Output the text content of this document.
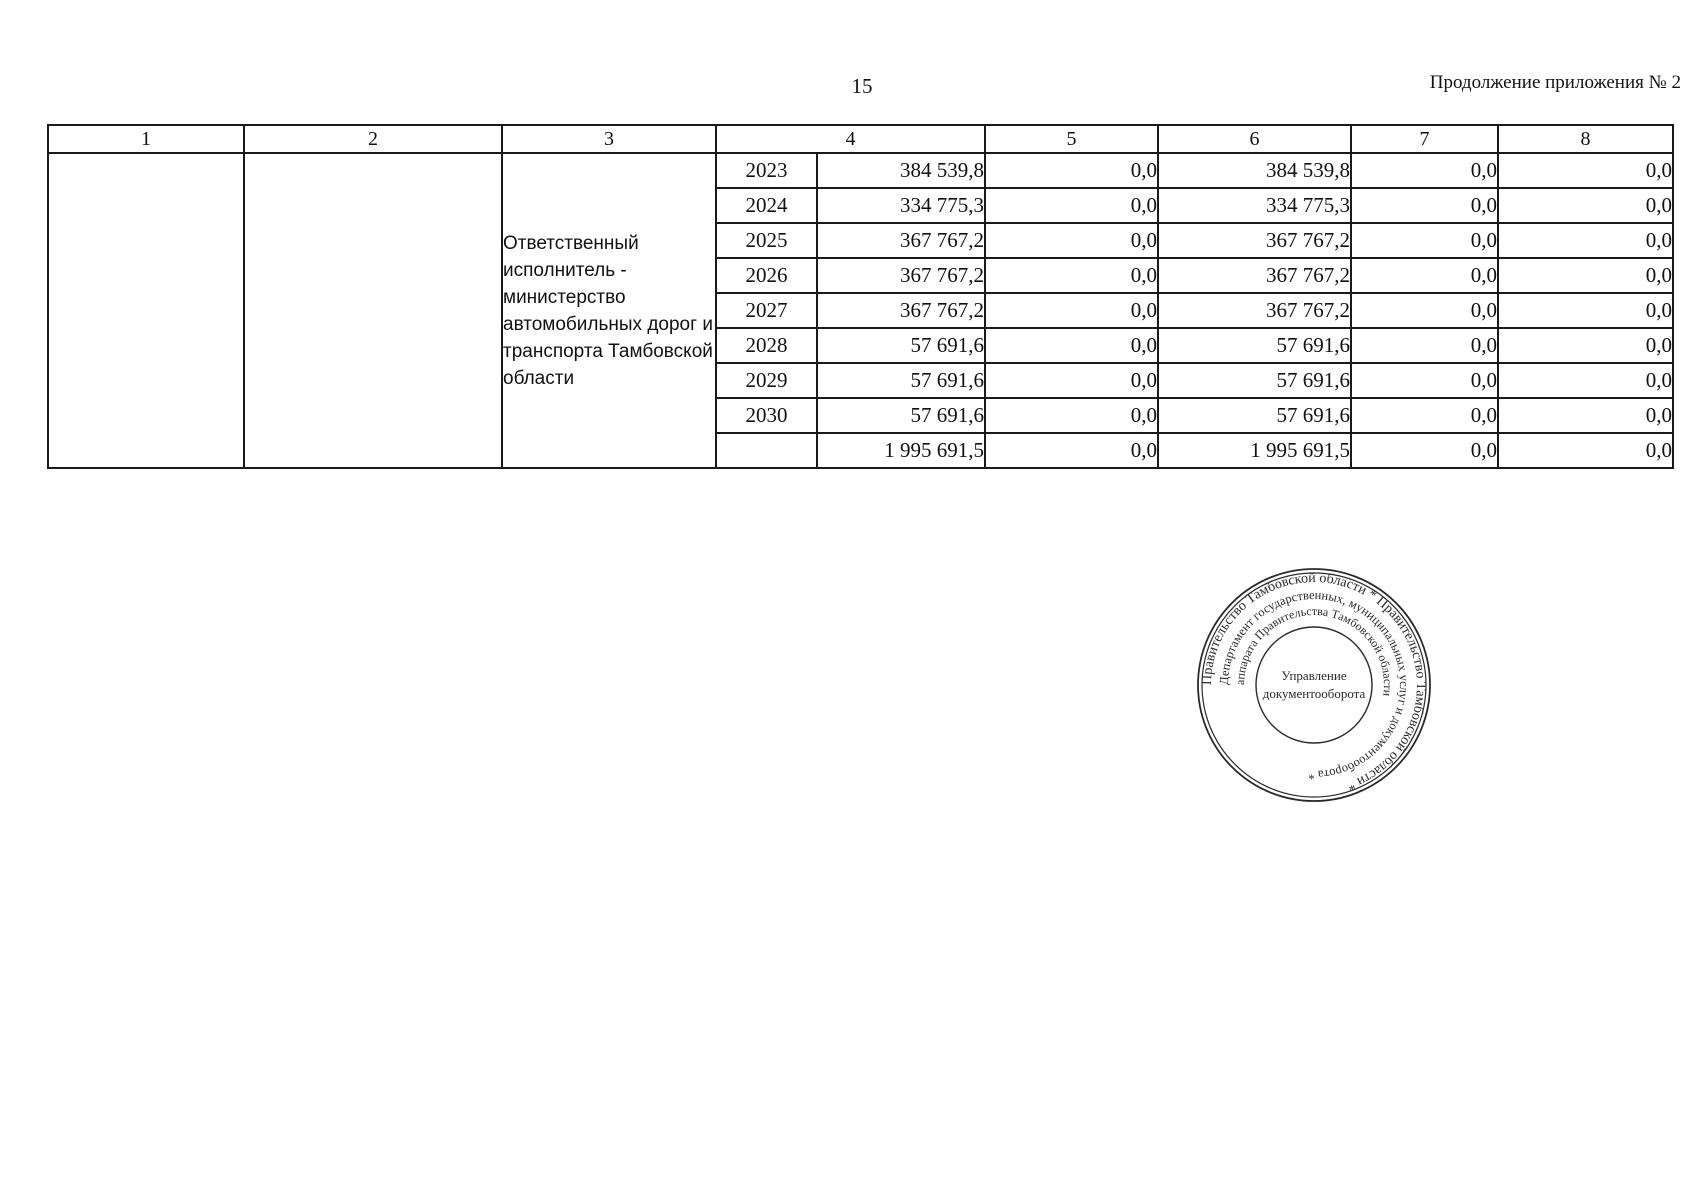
15	Продолжение приложения № 2
1	2	3	4		5	6	7	8
		Ответственный исполнитель - министерство автомобильных дорог и транспорта Тамбовской области	2023	384 539,8	0,0	384 539,8	0,0	0,0
			2024	334 775,3	0,0	334 775,3	0,0	0,0
			2025	367 767,2	0,0	367 767,2	0,0	0,0
			2026	367 767,2	0,0	367 767,2	0,0	0,0
			2027	367 767,2	0,0	367 767,2	0,0	0,0
			2028	57 691,6	0,0	57 691,6	0,0	0,0
			2029	57 691,6	0,0	57 691,6	0,0	0,0
			2030	57 691,6	0,0	57 691,6	0,0	0,0
				1 995 691,5	0,0	1 995 691,5	0,0	0,0
Правительство Тамбовской области * Правительство Тамбовской области *
Департамент государственных, муниципальных услуг и документооборота *
аппарата Правительства Тамбовской области
Управление
документооборота
